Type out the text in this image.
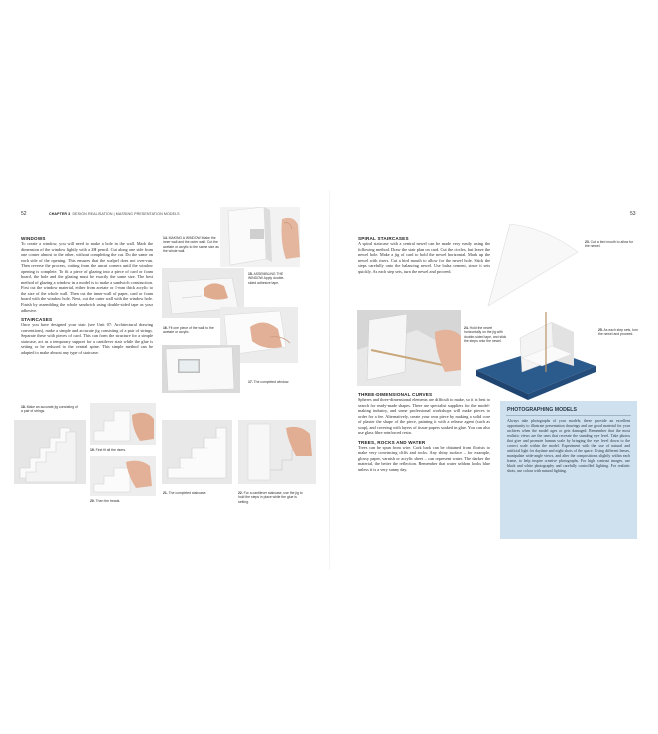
52	CHAPTER 3 DESIGN REALISATION | MASSING PRESENTATION MODELS
WINDOWS
To create a window, you will need to make a hole in the wall. Mark the dimension of the window lightly with a 2H pencil. Cut along one side from one corner almost to the other, without completing the cut. Do the same on each side of the opening. This ensures that the scalpel does not over-run. Then reverse the process, cutting from the uncut corners until the window opening is complete. To fit a piece of glazing into a piece of card or foam board, the hole and the glazing must be exactly the same size. The best method of glazing a window in a model is to make a sandwich construction. First cut the window material, either from acetate or 1-mm thick acrylic to the size of the whole wall. Then cut the inner-wall of paper, card or foam board with the window hole. Next, cut the outer wall with the window hole. Finish by assembling the whole sandwich using double-sided tape as your adhesive.
STAIRCASES
Once you have designed your stair (see Unit 07: Architectural drawing conventions), make a simple and accurate jig consisting of a pair of strings. Separate these with pieces of card. This can form the structure for a simple staircase, act as a temporary support for a cantilever stair while the glue is setting or be reduced to the central spine. This simple method can be adapted to make almost any type of staircase.
14. MAKING A WINDOW Make the inner wall and the outer wall. Cut the acetate or acrylic to the same size as the whole wall.
15. ASSEMBLING THE WINDOW Apply double-sided adhesive tape.
16. Fit one piece of the wall to the acetate or acrylic.
17. The completed window.
18. Make an accurate jig consisting of a pair of strings.
19. First fit all the risers.
20. Then the treads.
21. The completed staircase.	22. For a cantilever staircase, use the jig to hold the steps in place while the glue is setting.
53
SPIRAL STAIRCASES
A spiral staircase with a central newel can be made very easily using the following method. Draw the stair plan on card. Cut the circles, but leave the newel hole. Make a jig of card to hold the newel horizontal. Mark up the newel with risers. Cut a bird mouth to allow for the newel hole. Stick the steps carefully onto the balancing newel. Use balsa cement, since it sets quickly. As each step sets, turn the newel and proceed.
23. Cut a bird mouth to allow for the newel.
24. Hold the newel horizontally on the jig with double-sided tape, and stick the steps onto the newel.
25. As each step sets, turn the newel and proceed.
THREE-DIMENSIONAL CURVES
Spheres and three-dimensional elements are difficult to make, so it is best to search for ready-made shapes. There are specialist suppliers for the model-making industry, and some professional workshops will make pieces to order for a fee. Alternatively, create your own piece by making a solid core of plaster the shape of the piece, painting it with a release agent (such as soap), and covering with layers of tissue papers soaked in glue. You can also use glass fibre reinforced resin.
TREES, ROCKS AND WATER
Trees can be spun from wire. Cork bark can be obtained from florists to make very convincing cliffs and rocks. Any shiny surface – for example, glossy paper, varnish or acrylic sheet – can represent water. The darker the material, the better the reflection. Remember that water seldom looks blue unless it is a very sunny day.
PHOTOGRAPHING MODELS
Always take photographs of your models; these provide an excellent opportunity to illustrate presentation drawings and are good material for your archives when the model ages or gets damaged. Remember that the most realistic views are the ones that recreate the standing eye level. Take photos that give and promote human scale by bringing the eye level down to the correct scale within the model. Experiment with the use of natural and artificial light for daytime and night shots of the space. Using different lenses, manipulate wide-angle views, and alter the compositions slightly within each frame, to help inspire creative photographs. For high contrast images, use black and white photography and carefully controlled lighting. For realistic shots, use colour with natural lighting.
